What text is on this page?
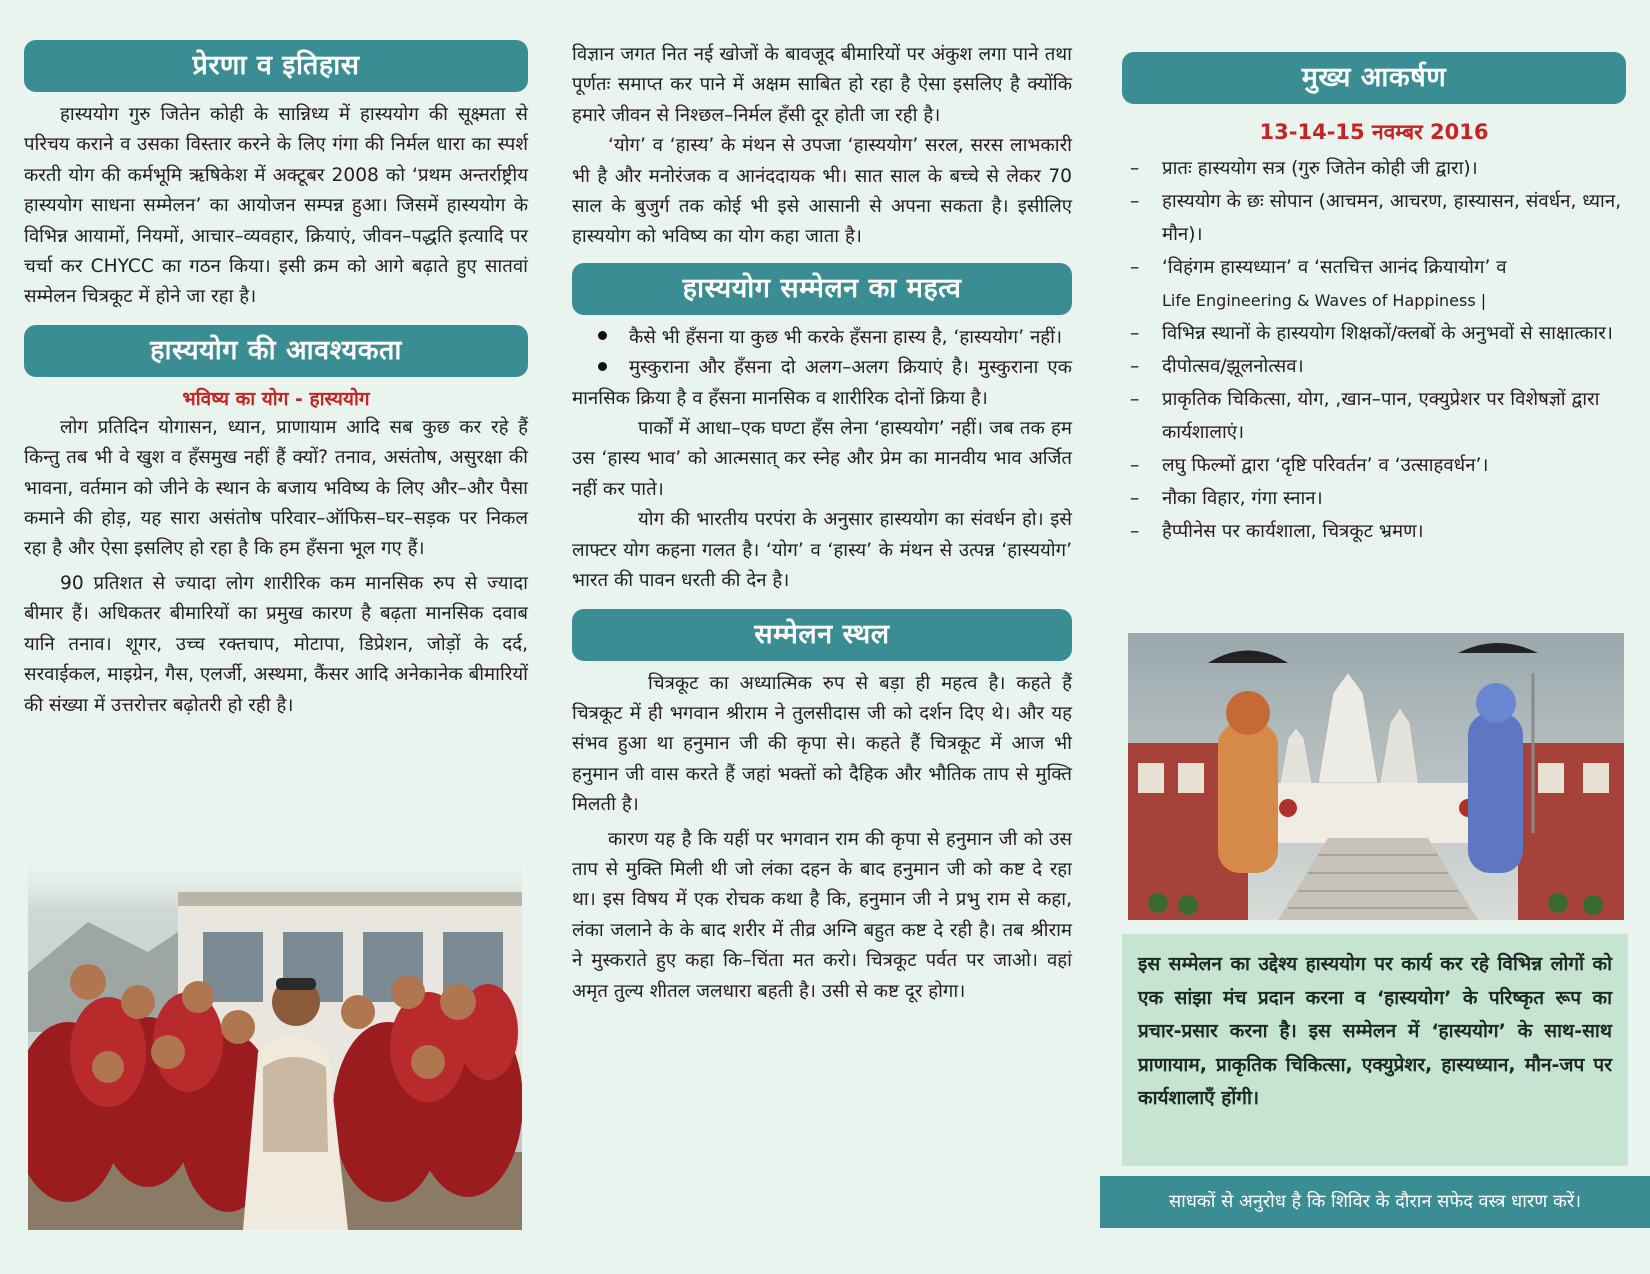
प्रेरणा व इतिहास

हास्ययोग गुरु जितेन कोही के सान्निध्य में हास्ययोग की सूक्ष्मता से परिचय कराने व उसका विस्तार करने के लिए गंगा की निर्मल धारा का स्पर्श करती योग की कर्मभूमि ऋषिकेश में अक्टूबर 2008 को ‘प्रथम अन्तर्राष्ट्रीय हास्ययोग साधना सम्मेलन’ का आयोजन सम्पन्न हुआ। जिसमें हास्ययोग के विभिन्न आयामों, नियमों, आचार–व्यवहार, क्रियाएं, जीवन–पद्धति इत्यादि पर चर्चा कर CHYCC का गठन किया। इसी क्रम को आगे बढ़ाते हुए सातवां सम्मेलन चित्रकूट में होने जा रहा है।

हास्ययोग की आवश्यकता
भविष्य का योग - हास्ययोग

लोग प्रतिदिन योगासन, ध्यान, प्राणायाम आदि सब कुछ कर रहे हैं किन्तु तब भी वे खुश व हँसमुख नहीं हैं क्यों? तनाव, असंतोष, असुरक्षा की भावना, वर्तमान को जीने के स्थान के बजाय भविष्य के लिए और–और पैसा कमाने की होड़, यह सारा असंतोष परिवार–ऑफिस–घर–सड़क पर निकल रहा है और ऐसा इसलिए हो रहा है कि हम हँसना भूल गए हैं।

90 प्रतिशत से ज्यादा लोग शारीरिक कम मानसिक रुप से ज्यादा बीमार हैं। अधिकतर बीमारियों का प्रमुख कारण है बढ़ता मानसिक दवाब यानि तनाव। शूगर, उच्च रक्तचाप, मोटापा, डिप्रेशन, जोड़ों के दर्द, सरवाईकल, माइग्रेन, गैस, एलर्जी, अस्थमा, कैंसर आदि अनेकानेक बीमारियों की संख्या में उत्तरोत्तर बढ़ोतरी हो रही है।

विज्ञान जगत नित नई खोजों के बावजूद बीमारियों पर अंकुश लगा पाने तथा पूर्णतः समाप्त कर पाने में अक्षम साबित हो रहा है ऐसा इसलिए है क्योंकि हमारे जीवन से निश्छल–निर्मल हँसी दूर होती जा रही है।

‘योग’ व ‘हास्य’ के मंथन से उपजा ‘हास्ययोग’ सरल, सरस लाभकारी भी है और मनोरंजक व आनंददायक भी। सात साल के बच्चे से लेकर 70 साल के बुजुर्ग तक कोई भी इसे आसानी से अपना सकता है। इसीलिए हास्ययोग को भविष्य का योग कहा जाता है।

हास्ययोग सम्मेलन का महत्व

कैसे भी हँसना या कुछ भी करके हँसना हास्य है, ‘हास्ययोग’ नहीं।

मुस्कुराना और हँसना दो अलग–अलग क्रियाएं है। मुस्कुराना एक मानसिक क्रिया है व हँसना मानसिक व शारीरिक दोनों क्रिया है।

पार्कों में आधा–एक घण्टा हँस लेना ‘हास्ययोग’ नहीं। जब तक हम उस ‘हास्य भाव’ को आत्मसात् कर स्नेह और प्रेम का मानवीय भाव अर्जित नहीं कर पाते।

योग की भारतीय परपंरा के अनुसार हास्ययोग का संवर्धन हो। इसे लाफ्टर योग कहना गलत है। ‘योग’ व ‘हास्य’ के मंथन से उत्पन्न ‘हास्ययोग’ भारत की पावन धरती की देन है।

सम्मेलन स्थल

चित्रकूट का अध्यात्मिक रुप से बड़ा ही महत्व है। कहते हैं चित्रकूट में ही भगवान श्रीराम ने तुलसीदास जी को दर्शन दिए थे। और यह संभव हुआ था हनुमान जी की कृपा से। कहते हैं चित्रकूट में आज भी हनुमान जी वास करते हैं जहां भक्तों को दैहिक और भौतिक ताप से मुक्ति मिलती है।

कारण यह है कि यहीं पर भगवान राम की कृपा से हनुमान जी को उस ताप से मुक्ति मिली थी जो लंका दहन के बाद हनुमान जी को कष्ट दे रहा था। इस विषय में एक रोचक कथा है कि, हनुमान जी ने प्रभु राम से कहा, लंका जलाने के के बाद शरीर में तीव्र अग्नि बहुत कष्ट दे रही है। तब श्रीराम ने मुस्कराते हुए कहा कि–चिंता मत करो। चित्रकूट पर्वत पर जाओ। वहां अमृत तुल्य शीतल जलधारा बहती है। उसी से कष्ट दूर होगा।

मुख्य आकर्षण
13-14-15 नवम्बर 2016
– प्रातः हास्ययोग सत्र (गुरु जितेन कोही जी द्वारा)।
– हास्ययोग के छः सोपान (आचमन, आचरण, हास्यासन, संवर्धन, ध्यान, मौन)।
– ‘विहंगम हास्यध्यान’ व ‘सतचित्त आनंद क्रियायोग’ व
Life Engineering & Waves of Happiness |
– विभिन्न स्थानों के हास्ययोग शिक्षकों/क्लबों के अनुभवों से साक्षात्कार।
– दीपोत्सव/झूलनोत्सव।
– प्राकृतिक चिकित्सा, योग, ,खान–पान, एक्युप्रेशर पर विशेषज्ञों द्वारा कार्यशालाएं।
– लघु फिल्मों द्वारा ‘दृष्टि परिवर्तन’ व ‘उत्साहवर्धन’।
– नौका विहार, गंगा स्नान।
– हैप्पीनेस पर कार्यशाला, चित्रकूट भ्रमण।
इस सम्मेलन का उद्देश्य हास्ययोग पर कार्य कर रहे विभिन्न लोगों को एक सांझा मंच प्रदान करना व ‘हास्ययोग’ के परिष्कृत रूप का प्रचार-प्रसार करना है। इस सम्मेलन में ‘हास्ययोग’ के साथ-साथ प्राणायाम, प्राकृतिक चिकित्सा, एक्युप्रेशर, हास्यध्यान, मौन-जप पर कार्यशालाएँ होंगी।
साधकों से अनुरोध है कि शिविर के दौरान सफेद वस्त्र धारण करें।
